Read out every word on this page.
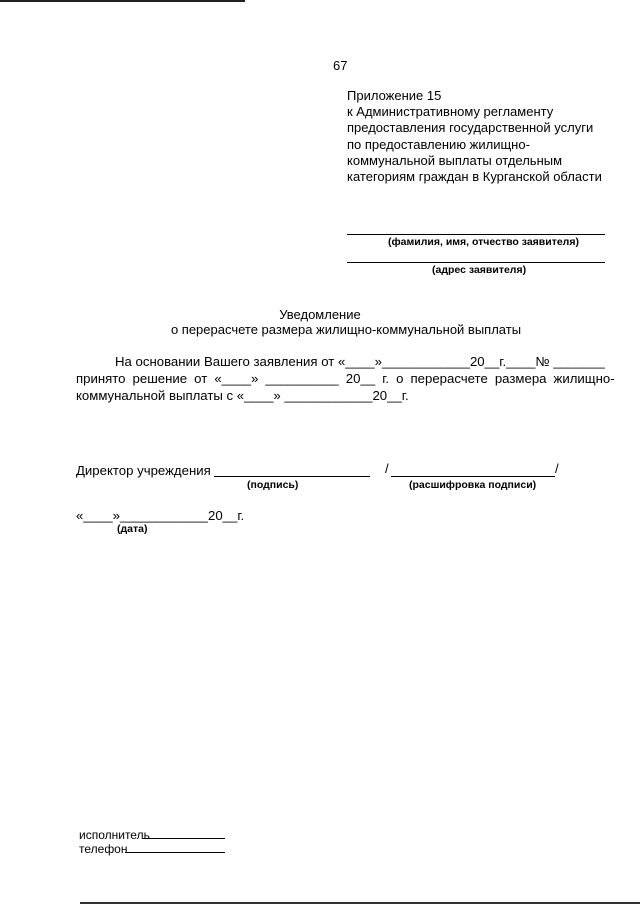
67
Приложение 15
к Административному регламенту
предоставления государственной услуги
по предоставлению жилищно-
коммунальной выплаты отдельным
категориям граждан в Курганской области
(фамилия, имя, отчество заявителя)
(адрес заявителя)
Уведомление
о перерасчете размера жилищно-коммунальной выплаты
На основании Вашего заявления от «____»____________20__г.____№ _______
принято решение от «____» __________ 20__ г. о перерасчете размера жилищно-
коммунальной выплаты с «____» ____________20__г.
Директор учреждения	/	/
(подпись)	(расшифровка подписи)
«____»____________20__г.
(дата)
исполнитель
телефон
